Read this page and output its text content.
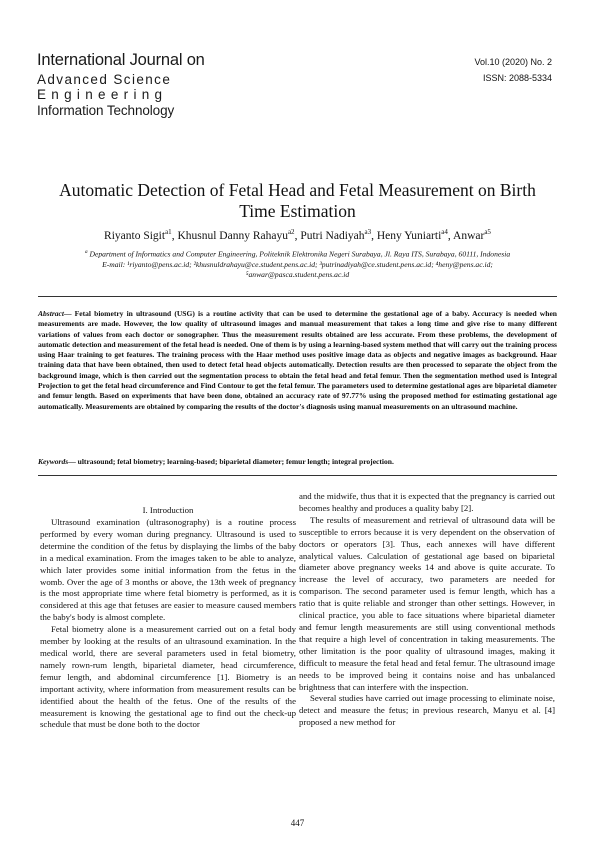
International Journal on
Advanced Science
Engineering
Information Technology
Vol.10 (2020) No. 2
ISSN: 2088-5334
Automatic Detection of Fetal Head and Fetal Measurement on Birth Time Estimation
Riyanto Sigit$^{a1}$, Khusnul Danny Rahayu$^{a2}$, Putri Nadiyah$^{a3}$, Heny Yuniarti$^{a4}$, Anwar$^{a5}$
$^a$ Department of Informatics and Computer Engineering, Politeknik Elektronika Negeri Surabaya, Jl. Raya ITS, Surabaya, 60111, Indonesia
E-mail: ¹riyanto@pens.ac.id; ²khusnuldrahayu@ce.student.pens.ac.id; ³putrinadiyah@ce.student.pens.ac.id; ⁴heny@pens.ac.id;
⁵anwar@pasca.student.pens.ac.id
Abstract— Fetal biometry in ultrasound (USG) is a routine activity that can be used to determine the gestational age of a baby. Accuracy is needed when measurements are made. However, the low quality of ultrasound images and manual measurement that takes a long time and give rise to many different variations of values from each doctor or sonographer. Thus the measurement results obtained are less accurate. From these problems, the development of automatic detection and measurement of the fetal head is needed. One of them is by using a learning-based system method that will carry out the training process using Haar training to get features. The training process with the Haar method uses positive image data as objects and negative images as background. Haar training data that have been obtained, then used to detect fetal head objects automatically. Detection results are then processed to separate the object from the background image, which is then carried out the segmentation process to obtain the fetal head and fetal femur. Then the segmentation method used is Integral Projection to get the fetal head circumference and Find Contour to get the fetal femur. The parameters used to determine gestational ages are biparietal diameter and femur length. Based on experiments that have been done, obtained an accuracy rate of 97.77% using the proposed method for estimating gestational age automatically. Measurements are obtained by comparing the results of the doctor's diagnosis using manual measurements on an ultrasound machine.
Keywords— ultrasound; fetal biometry; learning-based; biparietal diameter; femur length; integral projection.
I. Introduction

Ultrasound examination (ultrasonography) is a routine process performed by every woman during pregnancy. Ultrasound is used to determine the condition of the fetus by displaying the limbs of the baby in a medical examination. From the images taken to be able to analyze, which later provides some initial information from the fetus in the womb. Over the age of 3 months or above, the 13th week of pregnancy is the most appropriate time where fetal biometry is performed, as it is considered at this age that fetuses are easier to measure caused members the baby's body is almost complete.

Fetal biometry alone is a measurement carried out on a fetal body member by looking at the results of an ultrasound examination. In the medical world, there are several parameters used in fetal biometry, namely rown-rum length, biparietal diameter, head circumference, femur length, and abdominal circumference [1]. Biometry is an important activity, where information from measurement results can be identified about the health of the fetus. One of the results of the measurement is knowing the gestational age to find out the check-up schedule that must be done both to the doctor

and the midwife, thus that it is expected that the pregnancy is carried out becomes healthy and produces a quality baby [2].

The results of measurement and retrieval of ultrasound data will be susceptible to errors because it is very dependent on the observation of doctors or operators [3]. Thus, each annexes will have different analytical values. Calculation of gestational age based on biparietal diameter above pregnancy weeks 14 and above is quite accurate. To increase the level of accuracy, two parameters are needed for comparison. The second parameter used is femur length, which has a ratio that is quite reliable and stronger than other settings. However, in clinical practice, you able to face situations where biparietal diameter and femur length measurements are still using conventional methods that require a high level of concentration in taking measurements. The other limitation is the poor quality of ultrasound images, making it difficult to measure the fetal head and fetal femur. The ultrasound image needs to be improved being it contains noise and has unbalanced brightness that can interfere with the inspection.

Several studies have carried out image processing to eliminate noise, detect and measure the fetus; in previous research, Manyu et al. [4] proposed a new method for

447
